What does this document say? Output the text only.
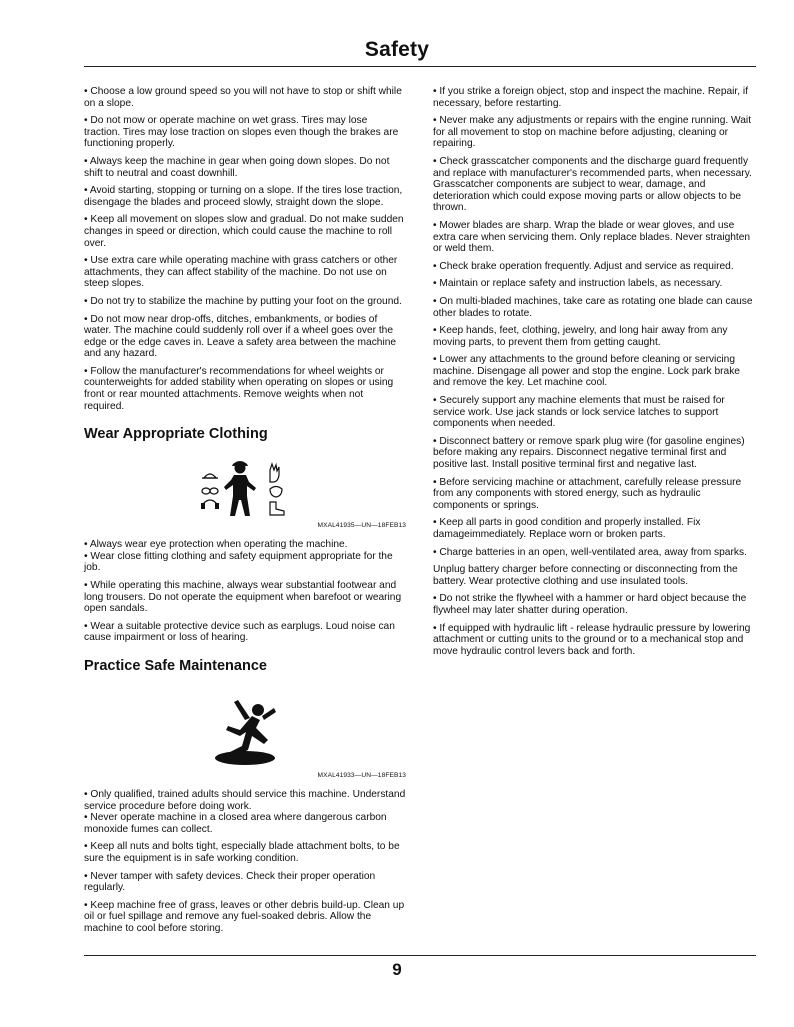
Safety

• Choose a low ground speed so you will not have to stop or shift while on a slope.

• Do not mow or operate machine on wet grass. Tires may lose traction. Tires may lose traction on slopes even though the brakes are functioning properly.

• Always keep the machine in gear when going down slopes. Do not shift to neutral and coast downhill.

• Avoid starting, stopping or turning on a slope. If the tires lose traction, disengage the blades and proceed slowly, straight down the slope.

• Keep all movement on slopes slow and gradual. Do not make sudden changes in speed or direction, which could cause the machine to roll over.

• Use extra care while operating machine with grass catchers or other attachments, they can affect stability of the machine. Do not use on steep slopes.

• Do not try to stabilize the machine by putting your foot on the ground.

• Do not mow near drop-offs, ditches, embankments, or bodies of water. The machine could suddenly roll over if a wheel goes over the edge or the edge caves in. Leave a safety area between the machine and any hazard.

• Follow the manufacturer's recommendations for wheel weights or counterweights for added stability when operating on slopes or using front or rear mounted attachments. Remove weights when not required.

Wear Appropriate Clothing
MXAL41935—UN—18FEB13

• Always wear eye protection when operating the machine.

• Wear close fitting clothing and safety equipment appropriate for the job.

• While operating this machine, always wear substantial footwear and long trousers. Do not operate the equipment when barefoot or wearing open sandals.

• Wear a suitable protective device such as earplugs. Loud noise can cause impairment or loss of hearing.

Practice Safe Maintenance
MXAL41933—UN—18FEB13

• Only qualified, trained adults should service this machine. Understand service procedure before doing work.

• Never operate machine in a closed area where dangerous carbon monoxide fumes can collect.

• Keep all nuts and bolts tight, especially blade attachment bolts, to be sure the equipment is in safe working condition.

• Never tamper with safety devices. Check their proper operation regularly.

• Keep machine free of grass, leaves or other debris build-up. Clean up oil or fuel spillage and remove any fuel-soaked debris. Allow the machine to cool before storing.

• If you strike a foreign object, stop and inspect the machine. Repair, if necessary, before restarting.

• Never make any adjustments or repairs with the engine running. Wait for all movement to stop on machine before adjusting, cleaning or repairing.

• Check grasscatcher components and the discharge guard frequently and replace with manufacturer's recommended parts, when necessary. Grasscatcher components are subject to wear, damage, and deterioration which could expose moving parts or allow objects to be thrown.

• Mower blades are sharp. Wrap the blade or wear gloves, and use extra care when servicing them. Only replace blades. Never straighten or weld them.

• Check brake operation frequently. Adjust and service as required.

• Maintain or replace safety and instruction labels, as necessary.

• On multi-bladed machines, take care as rotating one blade can cause other blades to rotate.

• Keep hands, feet, clothing, jewelry, and long hair away from any moving parts, to prevent them from getting caught.

• Lower any attachments to the ground before cleaning or servicing machine. Disengage all power and stop the engine. Lock park brake and remove the key. Let machine cool.

• Securely support any machine elements that must be raised for service work. Use jack stands or lock service latches to support components when needed.

• Disconnect battery or remove spark plug wire (for gasoline engines) before making any repairs. Disconnect negative terminal first and positive last. Install positive terminal first and negative last.

• Before servicing machine or attachment, carefully release pressure from any components with stored energy, such as hydraulic components or springs.

• Keep all parts in good condition and properly installed. Fix damageimmediately. Replace worn or broken parts.

• Charge batteries in an open, well-ventilated area, away from sparks.

Unplug battery charger before connecting or disconnecting from the battery. Wear protective clothing and use insulated tools.

• Do not strike the flywheel with a hammer or hard object because the flywheel may later shatter during operation.

• If equipped with hydraulic lift - release hydraulic pressure by lowering attachment or cutting units to the ground or to a mechanical stop and move hydraulic control levers back and forth.

9
